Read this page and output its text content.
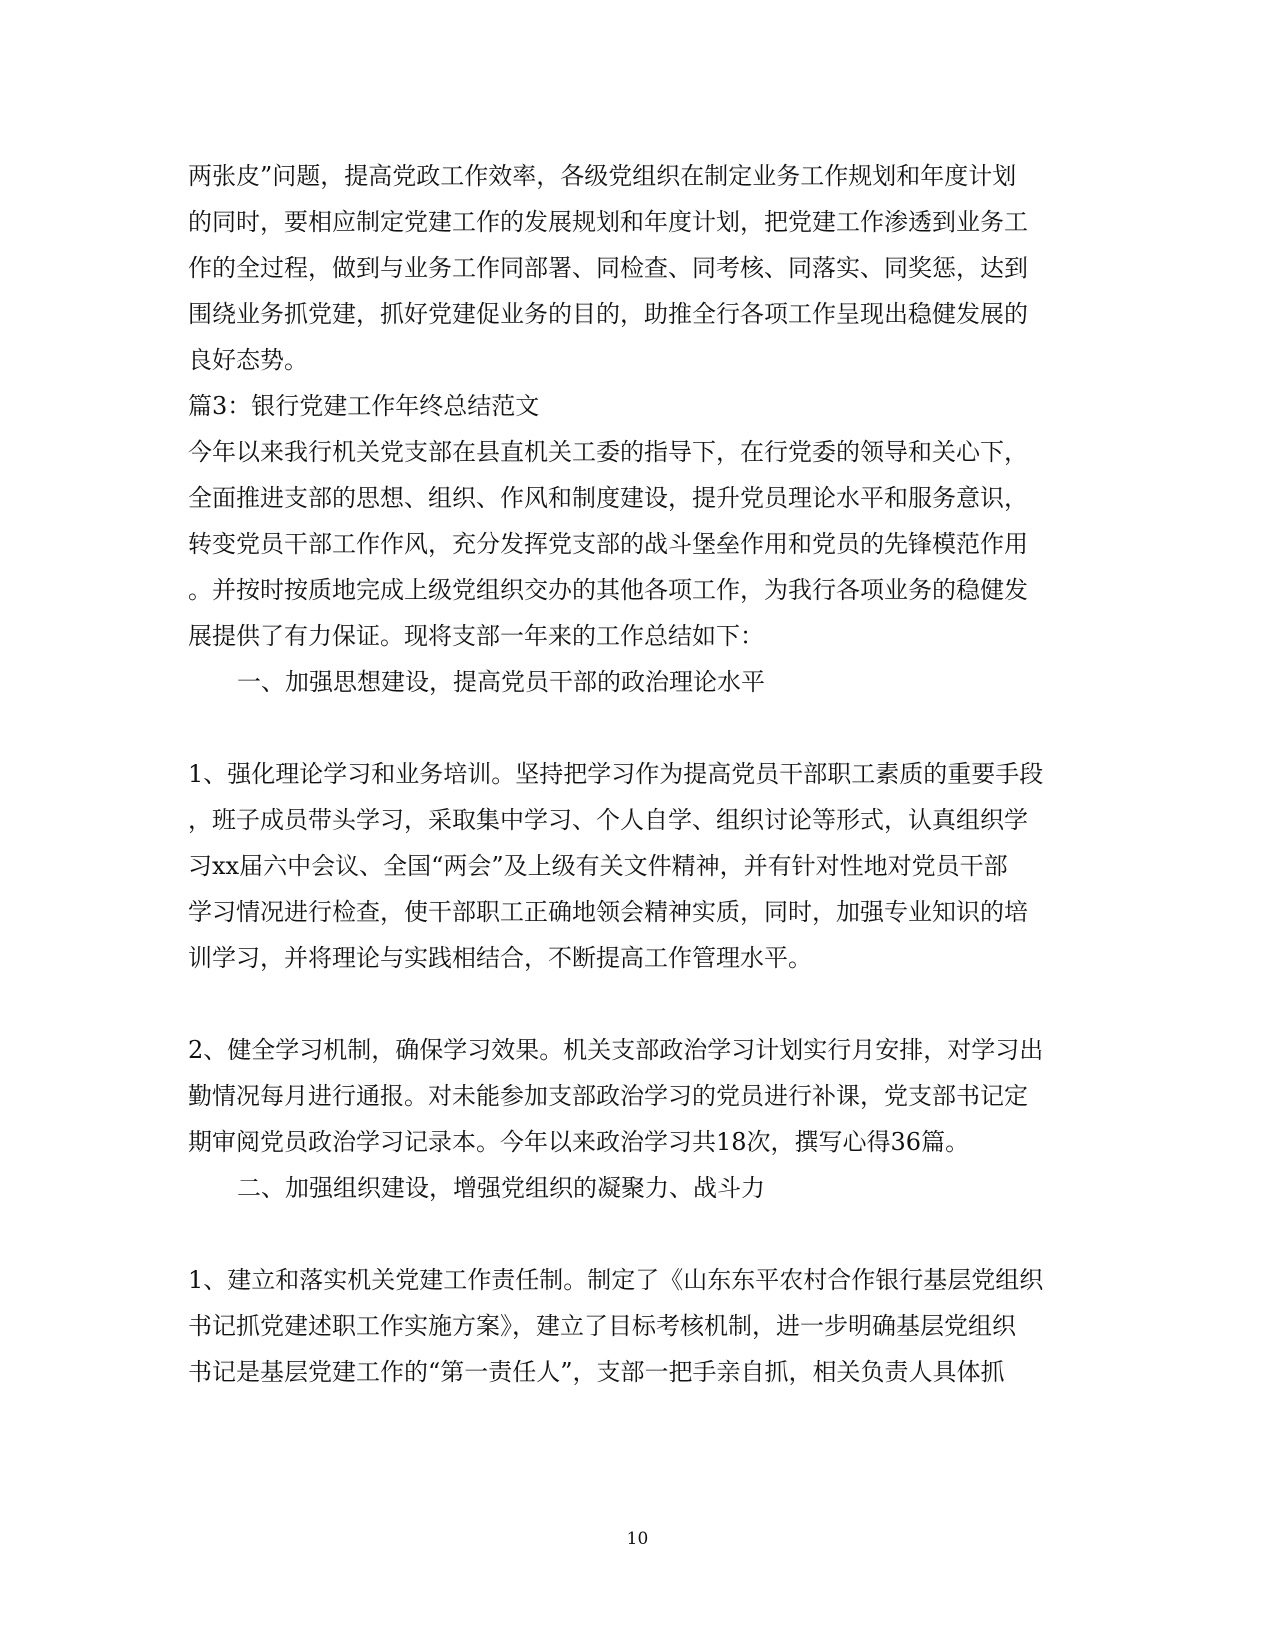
两张皮”问题，提高党政工作效率，各级党组织在制定业务工作规划和年度计划
的同时，要相应制定党建工作的发展规划和年度计划，把党建工作渗透到业务工
作的全过程，做到与业务工作同部署、同检查、同考核、同落实、同奖惩，达到
围绕业务抓党建，抓好党建促业务的目的，助推全行各项工作呈现出稳健发展的
良好态势。
篇3：银行党建工作年终总结范文
今年以来我行机关党支部在县直机关工委的指导下，在行党委的领导和关心下，
全面推进支部的思想、组织、作风和制度建设，提升党员理论水平和服务意识，
转变党员干部工作作风，充分发挥党支部的战斗堡垒作用和党员的先锋模范作用
。并按时按质地完成上级党组织交办的其他各项工作，为我行各项业务的稳健发
展提供了有力保证。现将支部一年来的工作总结如下：
一、加强思想建设，提高党员干部的政治理论水平
1、强化理论学习和业务培训。坚持把学习作为提高党员干部职工素质的重要手段
，班子成员带头学习，采取集中学习、个人自学、组织讨论等形式，认真组织学
习xx届六中会议、全国“两会”及上级有关文件精神，并有针对性地对党员干部
学习情况进行检查，使干部职工正确地领会精神实质，同时，加强专业知识的培
训学习，并将理论与实践相结合，不断提高工作管理水平。
2、健全学习机制，确保学习效果。机关支部政治学习计划实行月安排，对学习出
勤情况每月进行通报。对未能参加支部政治学习的党员进行补课，党支部书记定
期审阅党员政治学习记录本。今年以来政治学习共18次，撰写心得36篇。
二、加强组织建设，增强党组织的凝聚力、战斗力
1、建立和落实机关党建工作责任制。制定了《山东东平农村合作银行基层党组织
书记抓党建述职工作实施方案》，建立了目标考核机制，进一步明确基层党组织
书记是基层党建工作的“第一责任人”，支部一把手亲自抓，相关负责人具体抓
10
